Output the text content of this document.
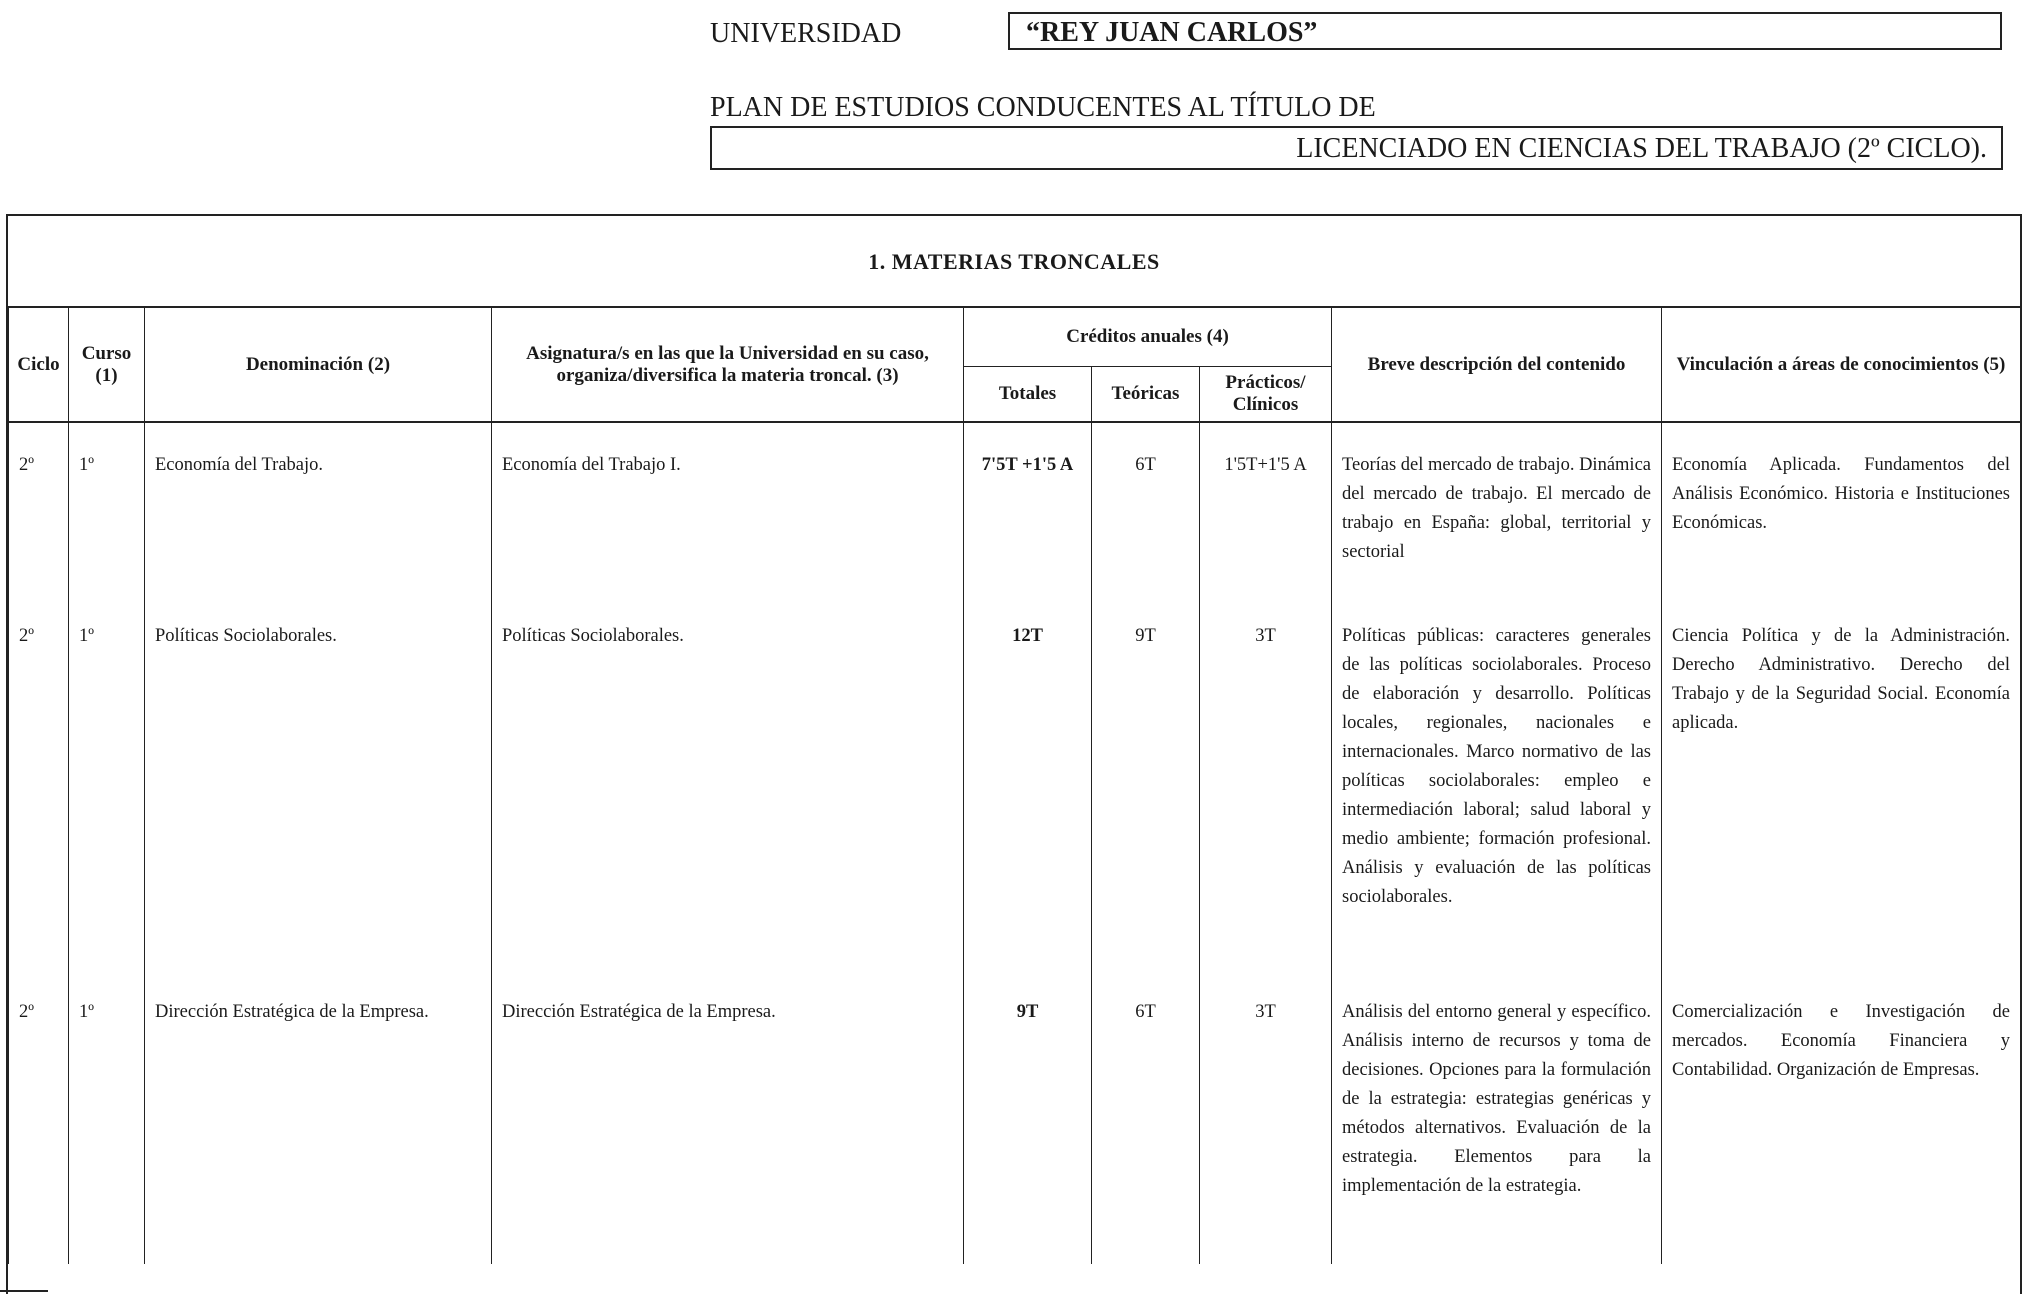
UNIVERSIDAD	“REY JUAN CARLOS”
PLAN DE ESTUDIOS CONDUCENTES AL TÍTULO DE
LICENCIADO EN CIENCIAS DEL TRABAJO (2º CICLO).
1. MATERIAS TRONCALES
Ciclo	Curso (1)	Denominación (2)	Asignatura/s en las que la Universidad en su caso, organiza/diversifica la materia troncal. (3)	Créditos anuales (4)			Breve descripción del contenido	Vinculación a áreas de conocimientos (5)
				Totales	Teóricas	Prácticos/ Clínicos		
2º	1º	Economía del Trabajo.	Economía del Trabajo I.	7'5T +1'5 A	6T	1'5T+1'5 A	Teorías del mercado de trabajo. Dinámica del mercado de trabajo. El mercado de trabajo en España: global, territorial y sectorial	Economía Aplicada. Fundamentos del Análisis Económico. Historia e Instituciones Económicas.
2º	1º	Políticas Sociolaborales.	Políticas Sociolaborales.	12T	9T	3T	Políticas públicas: caracteres generales de las políticas sociolaborales. Proceso de elaboración y desarrollo. Políticas locales, regionales, nacionales e internacionales. Marco normativo de las políticas sociolaborales: empleo e intermediación laboral; salud laboral y medio ambiente; formación profesional. Análisis y evaluación de las políticas sociolaborales.	Ciencia Política y de la Administración. Derecho Administrativo. Derecho del Trabajo y de la Seguridad Social. Economía aplicada.
2º	1º	Dirección Estratégica de la Empresa.	Dirección Estratégica de la Empresa.	9T	6T	3T	Análisis del entorno general y específico. Análisis interno de recursos y toma de decisiones. Opciones para la formulación de la estrategia: estrategias genéricas y métodos alternativos. Evaluación de la estrategia. Elementos para la implementación de la estrategia.	Comercialización e Investigación de mercados. Economía Financiera y Contabilidad. Organización de Empresas.
